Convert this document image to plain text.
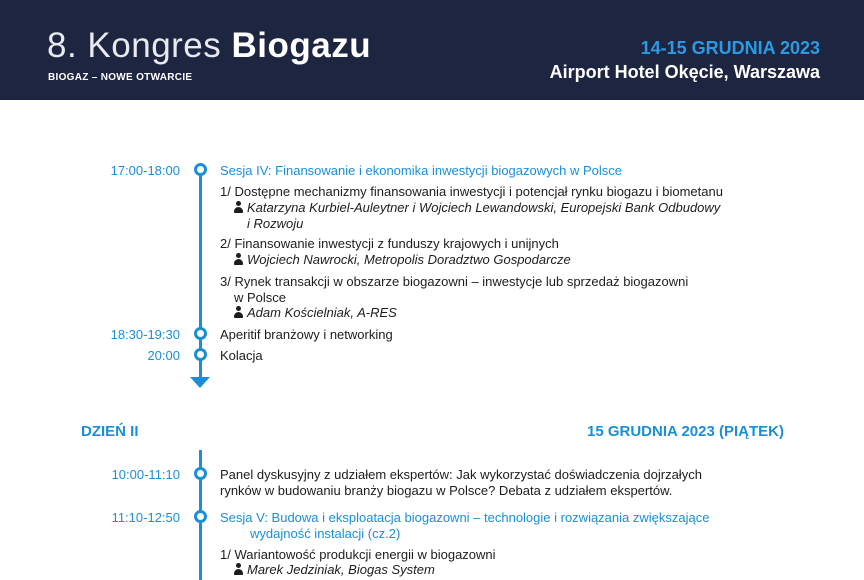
8. Kongres Biogazu
BIOGAZ – NOWE OTWARCIE
14-15 GRUDNIA 2023
Airport Hotel Okęcie, Warszawa
17:00-18:00	Sesja IV: Finansowanie i ekonomika inwestycji biogazowych w Polsce
1/ Dostępne mechanizmy finansowania inwestycji i potencjał rynku biogazu i biometanu
Katarzyna Kurbiel-Auleytner i Wojciech Lewandowski, Europejski Bank Odbudowy
i Rozwoju
2/ Finansowanie inwestycji z funduszy krajowych i unijnych
Wojciech Nawrocki, Metropolis Doradztwo Gospodarcze
3/ Rynek transakcji w obszarze biogazowni – inwestycje lub sprzedaż biogazowni
w Polsce
Adam Kościelniak, A-RES
18:30-19:30	Aperitif branżowy i networking
20:00	Kolacja
DZIEŃ II	15 GRUDNIA 2023 (PIĄTEK)
10:00-11:10	Panel dyskusyjny z udziałem ekspertów: Jak wykorzystać doświadczenia dojrzałych
rynków w budowaniu branży biogazu w Polsce? Debata z udziałem ekspertów.
11:10-12:50	Sesja V: Budowa i eksploatacja biogazowni – technologie i rozwiązania zwiększające
wydajność instalacji (cz.2)
1/ Wariantowość produkcji energii w biogazowni
Marek Jedziniak, Biogas System
